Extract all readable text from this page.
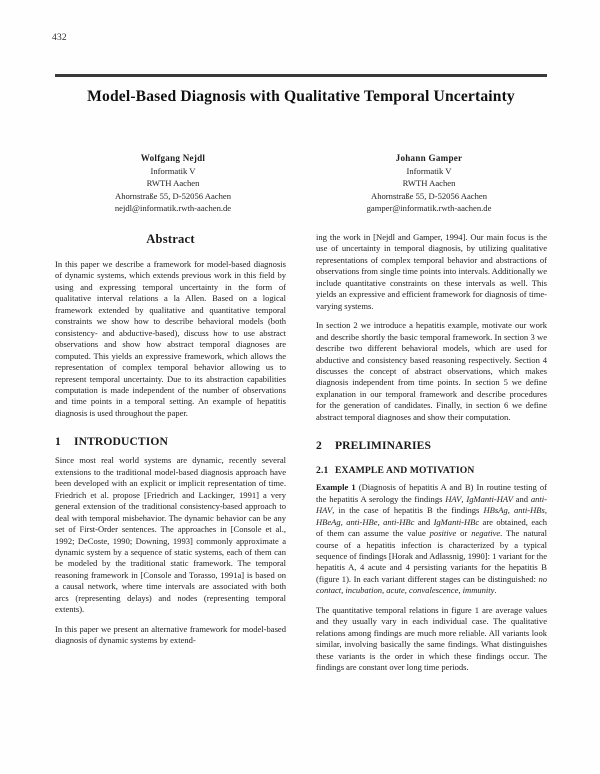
432
Model-Based Diagnosis with Qualitative Temporal Uncertainty
Wolfgang Nejdl
Informatik V
RWTH Aachen
Ahornstraße 55, D-52056 Aachen
nejdl@informatik.rwth-aachen.de
Johann Gamper
Informatik V
RWTH Aachen
Ahornstraße 55, D-52056 Aachen
gamper@informatik.rwth-aachen.de
Abstract

In this paper we describe a framework for model-based diagnosis of dynamic systems, which extends previous work in this field by using and expressing temporal uncertainty in the form of qualitative interval relations a la Allen. Based on a logical framework extended by qualitative and quantitative temporal constraints we show how to describe behavioral models (both consistency- and abductive-based), discuss how to use abstract observations and show how abstract temporal diagnoses are computed. This yields an expressive framework, which allows the representation of complex temporal behavior allowing us to represent temporal uncertainty. Due to its abstraction capabilities computation is made independent of the number of observations and time points in a temporal setting. An example of hepatitis diagnosis is used throughout the paper.

1	INTRODUCTION

Since most real world systems are dynamic, recently several extensions to the traditional model-based diagnosis approach have been developed with an explicit or implicit representation of time. Friedrich et al. propose [Friedrich and Lackinger, 1991] a very general extension of the traditional consistency-based approach to deal with temporal misbehavior. The dynamic behavior can be any set of First-Order sentences. The approaches in [Console et al., 1992; DeCoste, 1990; Downing, 1993] commonly approximate a dynamic system by a sequence of static systems, each of them can be modeled by the traditional static framework. The temporal reasoning framework in [Console and Torasso, 1991a] is based on a causal network, where time intervals are associated with both arcs (representing delays) and nodes (representing temporal extents).

In this paper we present an alternative framework for model-based diagnosis of dynamic systems by extend-

ing the work in [Nejdl and Gamper, 1994]. Our main focus is the use of uncertainty in temporal diagnosis, by utilizing qualitative representations of complex temporal behavior and abstractions of observations from single time points into intervals. Additionally we include quantitative constraints on these intervals as well. This yields an expressive and efficient framework for diagnosis of time-varying systems.

In section 2 we introduce a hepatitis example, motivate our work and describe shortly the basic temporal framework. In section 3 we describe two different behavioral models, which are used for abductive and consistency based reasoning respectively. Section 4 discusses the concept of abstract observations, which makes diagnosis independent from time points. In section 5 we define explanation in our temporal framework and describe procedures for the generation of candidates. Finally, in section 6 we define abstract temporal diagnoses and show their computation.

2	PRELIMINARIES
2.1 EXAMPLE AND MOTIVATION

Example 1 (Diagnosis of hepatitis A and B) In routine testing of the hepatitis A serology the findings HAV, IgManti-HAV and anti-HAV, in the case of hepatitis B the findings HBsAg, anti-HBs, HBeAg, anti-HBe, anti-HBc and IgManti-HBc are obtained, each of them can assume the value positive or negative. The natural course of a hepatitis infection is characterized by a typical sequence of findings [Horak and Adlassnig, 1990]: 1 variant for the hepatitis A, 4 acute and 4 persisting variants for the hepatitis B (figure 1). In each variant different stages can be distinguished: no contact, incubation, acute, convalescence, immunity.

The quantitative temporal relations in figure 1 are average values and they usually vary in each individual case. The qualitative relations among findings are much more reliable. All variants look similar, involving basically the same findings. What distinguishes these variants is the order in which these findings occur. The findings are constant over long time periods.
